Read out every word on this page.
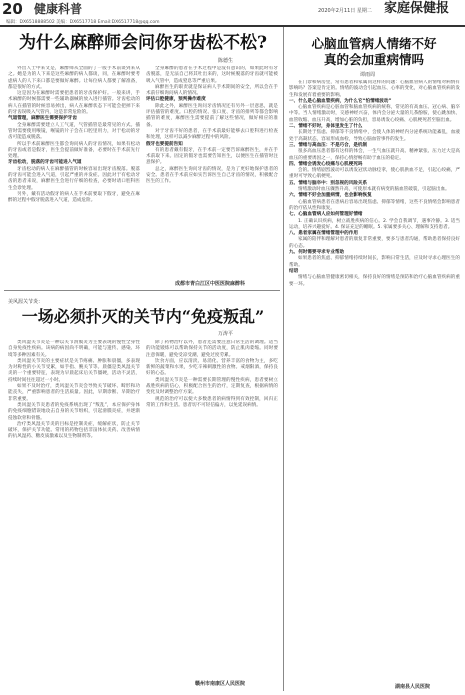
20 健康科普	2020年2月11日 星期二 家庭保健报
编辑：DX6518888502 美编：DX6517718 Email:DX6517718@qq.com
为什么麻醉师会问你牙齿松不松?
陈德生

外出人士中来文是，麻醉师从全面的了一般手术前谈到来从之。她是为的人下来是这些麻醉的病人都谈，同，在麻醉时要考虑病人的人下来口都是要做好麻醉。让每位病人都要了解准备，都是很好的方式。

这是因为在麻醉时需要把患者的牙齿保护好。一般来讲，手术麻醉的时候都需要一些辅助器械的放入进行插管。牙齿松动的病人在插管的时候容易掉出，病人在麻醉状态下可能会把掉下来的牙齿误吸入气管内，这是非常危险的。

气道管理，麻醉医生需要保护牙齿

全身麻醉需要建立人工气道，气管插管是最常见的方式。插管时需要使用喉镜，喉镜的片子会在口腔里用力，对于松动的牙齿可能造成脱落。

所以手术前麻醉医生都会询问病人的牙齿情况，如果有松动的牙齿或者是假牙，医生会提前做好准备，必要时在手术前先行处理。

牙齿松动，脱落的牙齿可能进入气道

牙齿松动的病人在麻醉插管的时候容易出现牙齿脱落。脱落的牙齿可能会进入气道，引起严重的并发症。因此对于有松动牙齿的患者来说，麻醉医生会进行仔细的检查，必要时请口腔科医生会诊处理。

另外，戴有活动假牙的病人在手术前要取下假牙，避免在麻醉的过程中假牙脱落进入气道，造成危险。

全身麻醉的患者在手术过程中是没有意识的，如果此时有牙齿脱落，是无法自己将其吐出来的，这时候脱落的牙齿就可能被吸入气管中，造成窒息等严重后果。

麻醉医生的职责就是保证病人手术期间的安全，所以会在手术前仔细询问病人的情况。

评估口腔健康，预判操作难度

除此之外，麻醉医生询问牙齿情况还有另外一层意思，就是评估插管的难度。口腔的情况、张口度、牙齿的排列等都会影响插管的难度，麻醉医生需要提前了解这些情况，做好相应的准备。

对于牙齿不好的患者，在手术前最好能够去口腔科进行检查和处理，这样可以减少麻醉过程中的风险。

假牙也要提前告知

有的患者戴有假牙，在手术前一定要告诉麻醉医生，并在手术前取下来。固定的假牙也需要告知医生，以便医生在插管时注意保护。

总之，麻醉医生询问牙齿的情况，是为了更好地保护患者的安全。患者在手术前应如实告诉医生自己牙齿的情况，积极配合医生的工作。

成都市青白江区中医医院麻醉科
美风渥关节炎：
一场必须扑灭的关节内“免疫叛乱”
万涛平

类风湿关节炎是一种以关节滑膜炎为主要表现的慢性全身性自身免疫性疾病。该病的病因尚不明确，可能与遗传、感染、环境等多种因素有关。

类风湿关节炎的主要症状是关节疼痛、肿胀和晨僵，多表现为对称性的小关节受累，如手指、腕关节等。晨僵是类风湿关节炎的一个重要特征，表现为早晨起床后关节僵硬，活动不灵活，持续时间往往超过一小时。

如果不及时治疗，类风湿关节炎会导致关节破坏、畸形和功能丧失，严重影响患者的生活质量。因此，早期诊断、早期治疗非常重要。

类风湿关节炎患者的免疫系统出现了“叛乱”，本应保护身体的免疫细胞错误地攻击自身的关节组织，引起滑膜炎症，并逐渐侵蚀软骨和骨骼。

治疗类风湿关节炎的目标是控制炎症，缓解症状，防止关节破坏，保护关节功能。常用的药物包括非甾体抗炎药、改善病情的抗风湿药、糖皮质激素以及生物制剂等。

除了药物治疗以外，患者还需要注意日常生活的调理。适当的功能锻炼可以帮助保持关节的活动度，防止肌肉萎缩。同时要注意保暖，避免受凉受潮，避免过度劳累。

饮食方面，应以清淡、易消化、营养丰富的食物为主，多吃新鲜的蔬菜和水果，少吃辛辣刺激性的食物。戒烟限酒，保持良好的心态。

类风湿关节炎是一种需要长期管理的慢性疾病，患者要树立战胜疾病的信心，积极配合医生的治疗，定期复查，根据病情的变化及时调整治疗方案。

规范的治疗可以使大多数患者的病情得到有效控制，回归正常的工作和生活。患者切不可轻信偏方，以免延误病情。

赣州市南康区人民医院
心脑血管病人情绪不好
真的会加重病情吗
谭雨周

在门诊和病房里，常有患者和家属问这样的问题：心脑血管病人的情绪对病情有影响吗？答案是肯定的。情绪的波动会引起血压、心率的变化，对心脑血管疾病的发生和发展有着重要的影响。

一、什么是心脑血管疾病，为什么它“怕情绪波动”

心脑血管疾病是心脏血管和脑血管疾病的统称，常见的有高血压、冠心病、脑卒中等。当人情绪激动时，交感神经兴奋，体内会分泌大量的儿茶酚胺，使心跳加快、血管收缩、血压升高，增加心脏的负担，容易诱发心绞痛、心肌梗死甚至脑出血。

二、情绪不好时，身体里发生了什么

长期处于焦虑、抑郁等不良情绪中，会使人体的神经内分泌系统功能紊乱，血液处于高凝状态，容易形成血栓，导致心脑血管事件的发生。

三、情绪与高血压：不是巧合，是机制

很多高血压患者都有这样的体会，一生气血压就升高。精神紧张、压力过大是高血压的重要诱因之一，保持心情舒畅有助于血压的稳定。

四、情绪会诱发心绞痛与心肌梗死吗

会的。情绪剧烈波动可以诱发冠状动脉痉挛，使心肌供血不足，引起心绞痛，严重时可导致心肌梗死。

五、情绪与脑卒中：别忽视的风险关系

情绪激动时血压骤然升高，可使原本就有病变的脑血管破裂，引起脑出血。

六、情绪不好会加重病情，也会影响恢复

心脑血管病患者在患病后容易出现焦虑、抑郁等情绪，这些不良情绪会影响患者的治疗依从性和康复。

七、心脑血管病人应如何管理好情绪

1. 正确认识疾病，树立战胜疾病的信心。2. 学会自我调节，遇事冷静。3. 适当运动，培养兴趣爱好。4. 保证充足的睡眠。5. 家属要多关心、理解和支持患者。

八、患者家属在情绪管理中的作用

家属的陪伴和理解对患者的康复非常重要，要多与患者沟通，帮助患者保持良好的心态。

九、何时需要寻求专业帮助

如果患者的焦虑、抑郁情绪持续时间长，影响日常生活，应及时寻求心理医生的帮助。

结语

情绪与心脑血管健康密切相关，保持良好的情绪是预防和治疗心脑血管疾病的重要一环。

湖南县人民医院
